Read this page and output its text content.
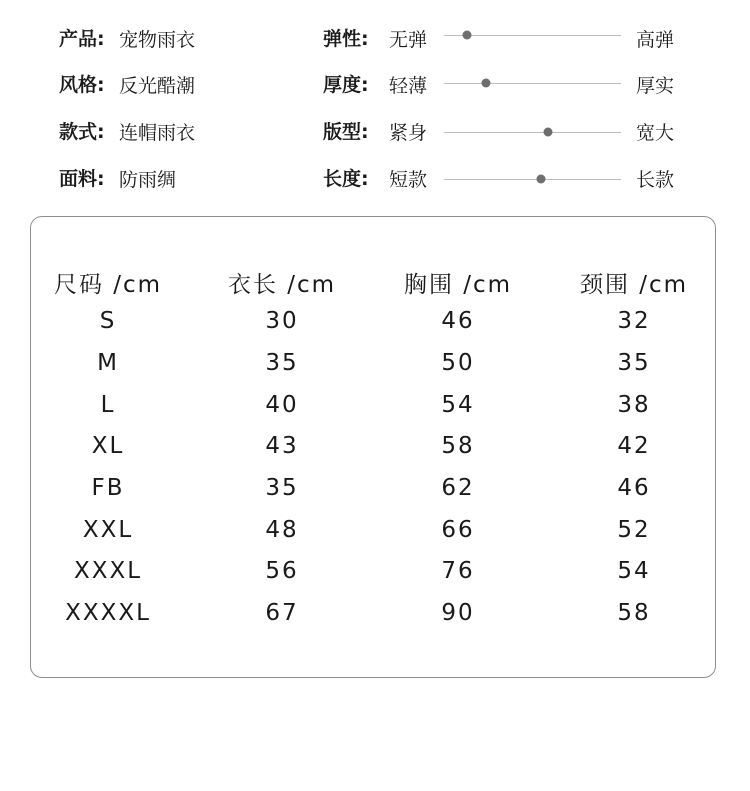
产品: 宠物雨衣
风格: 反光酷潮
款式: 连帽雨衣
面料: 防雨绸
弹性: 无弹	高弹
厚度: 轻薄	厚实
版型: 紧身	宽大
长度: 短款	长款
尺码 /cm	衣长 /cm	胸围 /cm	颈围 /cm
S	30	46	32
M	35	50	35
L	40	54	38
XL	43	58	42
FB	35	62	46
XXL	48	66	52
XXXL	56	76	54
XXXXL	67	90	58
